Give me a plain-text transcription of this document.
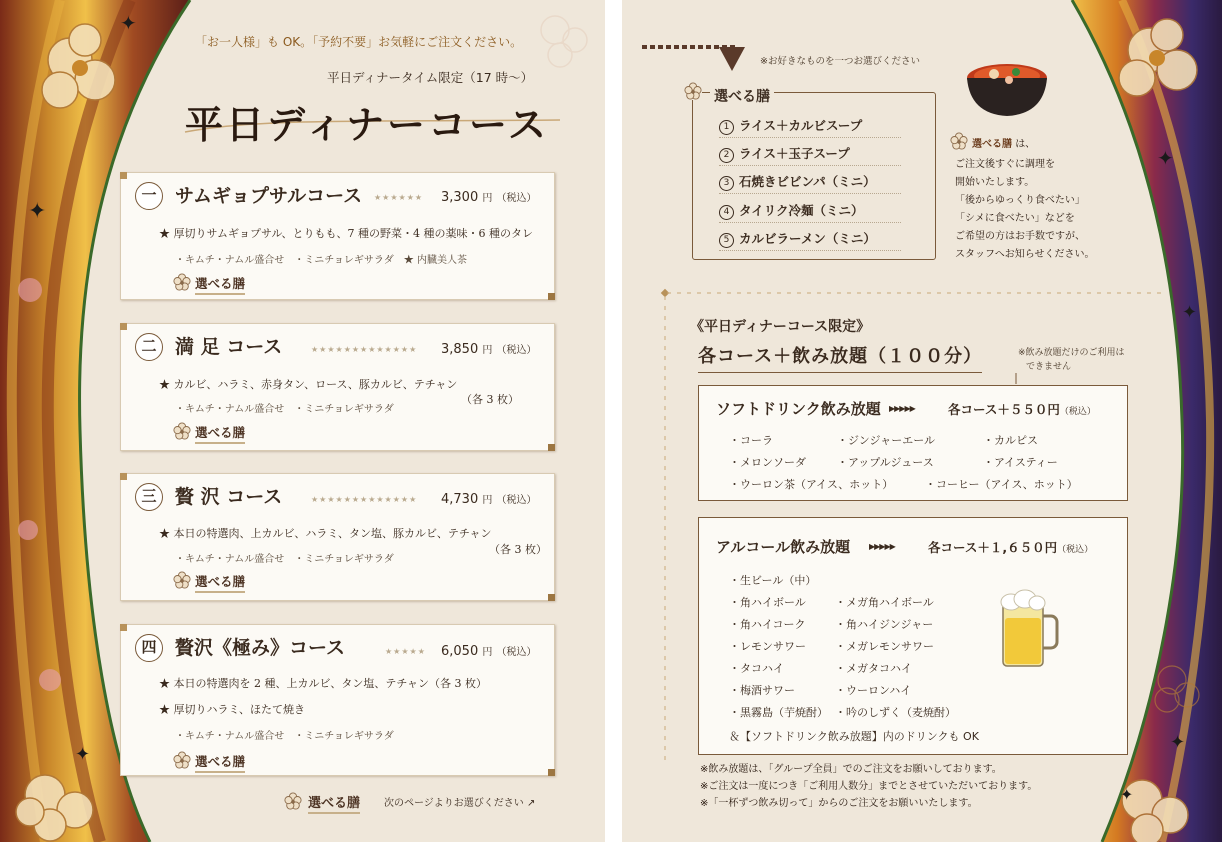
✦
✦
✦
「お一人様」も OK。「予約不要」お気軽にご注文ください。
平日ディナータイム限定（17 時〜）
平日ディナーコース
一 サムギョプサルコース ★★★★★★ 3,300 円 （税込）
★ 厚切りサムギョプサル、とりもも、7 種の野菜・4 種の薬味・6 種のタレ
・キムチ・ナムル盛合せ　・ミニチョレギサラダ　★ 内臓美人茶
選べる膳
二 満 足 コース	★★★★★★★★★★★★★ 3,850 円 （税込）
★ カルビ、ハラミ、赤身タン、ロース、豚カルビ、テチャン
（各 3 枚）
・キムチ・ナムル盛合せ　・ミニチョレギサラダ
選べる膳
三 贅 沢 コース	★★★★★★★★★★★★★ 4,730 円 （税込）
★ 本日の特選肉、上カルビ、ハラミ、タン塩、豚カルビ、テチャン
（各 3 枚）
・キムチ・ナムル盛合せ　・ミニチョレギサラダ
選べる膳
四 贅沢《極み》コース	★★★★★ 6,050 円 （税込）
★ 本日の特選肉を 2 種、上カルビ、タン塩、テチャン（各 3 枚）
★ 厚切りハラミ、ほたて焼き
・キムチ・ナムル盛合せ　・ミニチョレギサラダ
選べる膳
選べる膳 次のページよりお選びください ↗
✦
✦
✦
✦
※お好きなものを一つお選びください
選べる膳
1 ライス＋カルビスープ
2 ライス＋玉子スープ
3 石焼きビビンパ（ミニ）
4 タイリク冷麺（ミニ）
5 カルビラーメン（ミニ）
選べる膳 は、
ご注文後すぐに調理を
開始いたします。
「後からゆっくり食べたい」
「シメに食べたい」などを
ご希望の方はお手数ですが、
スタッフへお知らせください。
《平日ディナーコース限定》
各コース＋飲み放題（１００分）	※飲み放題だけのご利用は
できません
ソフトドリンク飲み放題 ▶▶▶▶▶	各コース＋５５０円（税込）
・コーラ	・ジンジャーエール	・カルピス
・メロンソーダ	・アップルジュース	・アイスティー
・ウーロン茶（アイス、ホット）	・コーヒー（アイス、ホット）
アルコール飲み放題 ▶▶▶▶▶	各コース＋１,６５０円（税込）
・生ビール（中）
・角ハイボール	・メガ角ハイボール
・角ハイコーク	・角ハイジンジャー
・レモンサワー	・メガレモンサワー
・タコハイ	・メガタコハイ
・梅酒サワー	・ウーロンハイ
・黒霧島（芋焼酎） ・吟のしずく（麦焼酎）
＆【ソフトドリンク飲み放題】内のドリンクも OK
※飲み放題は、「グループ全員」でのご注文をお願いしております。
※ご注文は一度につき「ご利用人数分」までとさせていただいております。
※「一杯ずつ飲み切って」からのご注文をお願いいたします。
